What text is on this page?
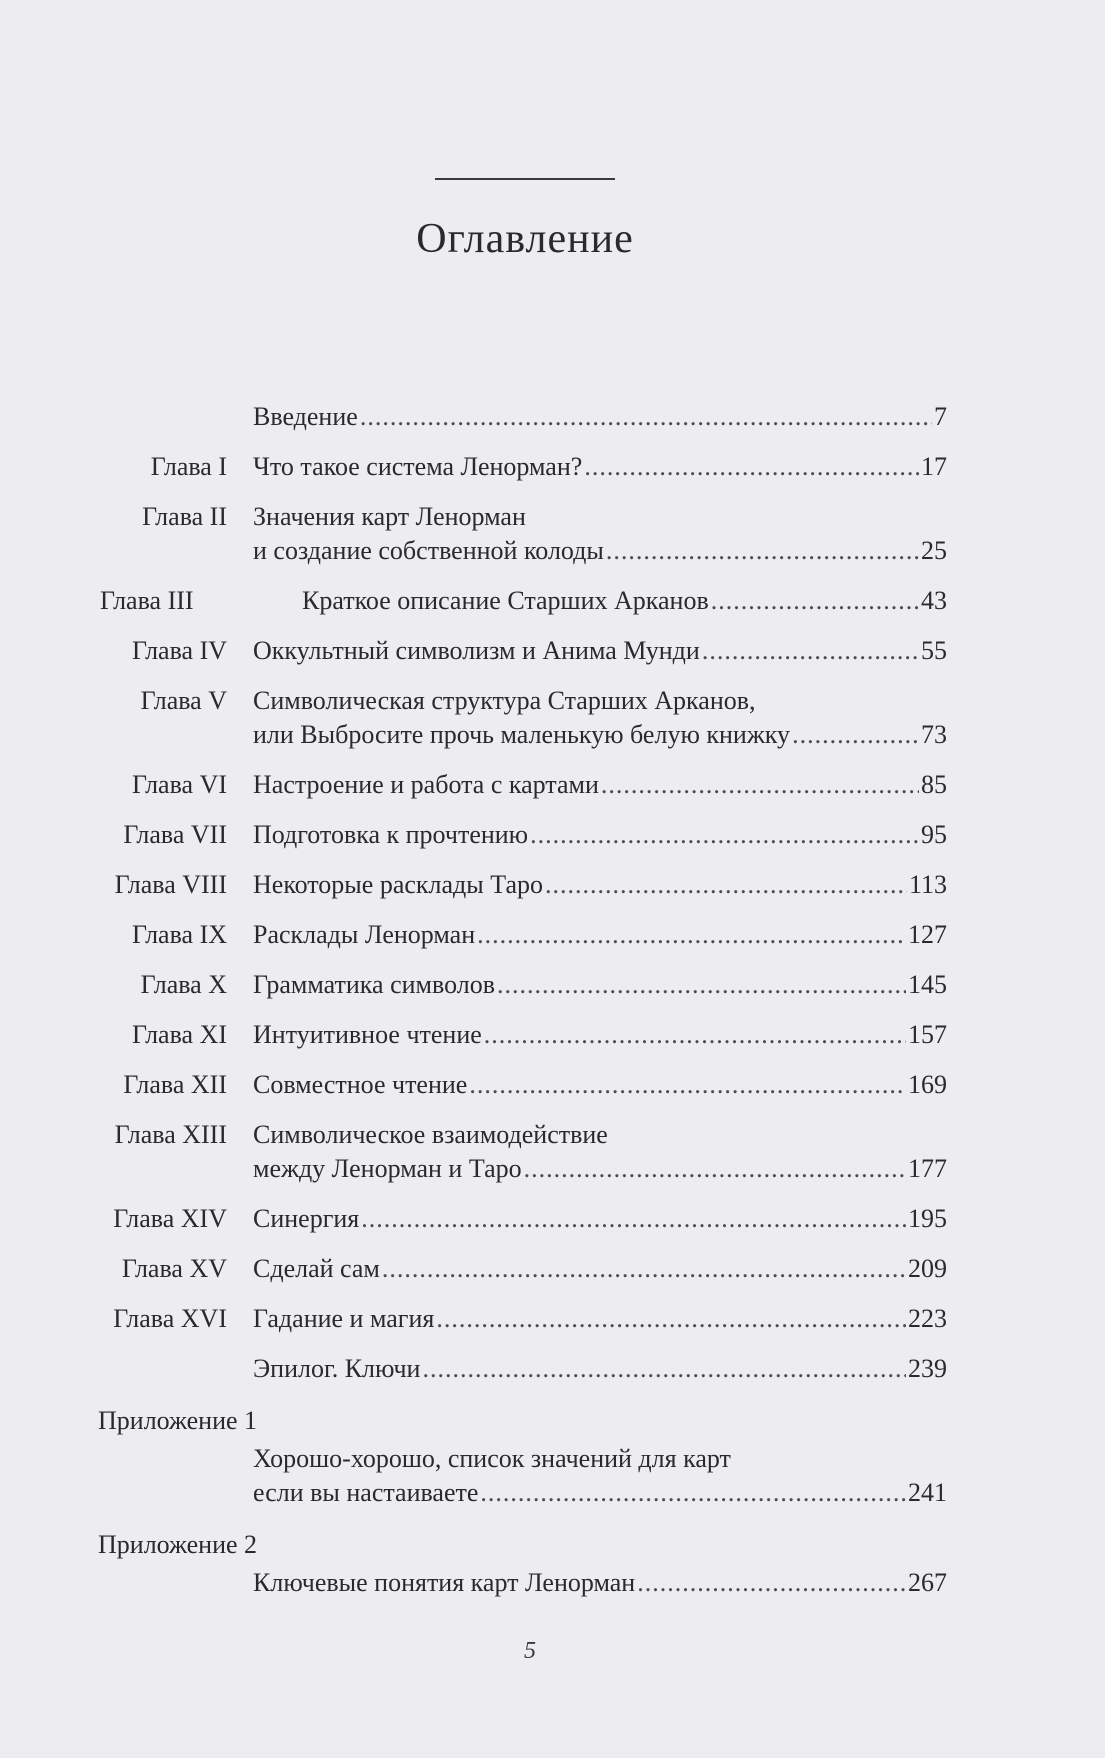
Оглавление
Введение .....	7
Глава I Что такое система Ленорман? .....	17
Глава II Значения карт Ленорман
и создание собственной колоды .....	25
Глава III	Краткое описание Старших Арканов .....	43
Глава IV Оккультный символизм и Анима Мунди .....	55
Глава V Символическая структура Старших Арканов,
или Выбросите прочь маленькую белую книжку .....	73
Глава VI Настроение и работа с картами .....	85
Глава VII Подготовка к прочтению .....	95
Глава VIII Некоторые расклады Таро .....	113
Глава IX Расклады Ленорман .....	127
Глава X Грамматика символов .....	145
Глава XI Интуитивное чтение .....	157
Глава XII Совместное чтение .....	169
Глава XIII Символическое взаимодействие
между Ленорман и Таро .....	177
Глава XIV Синергия .....	195
Глава XV Сделай сам .....	209
Глава XVI Гадание и магия .....	223
Эпилог. Ключи .....	239
Приложение 1
Хорошо-хорошо, список значений для карт
если вы настаиваете .....	241
Приложение 2
Ключевые понятия карт Ленорман .....	267
5
